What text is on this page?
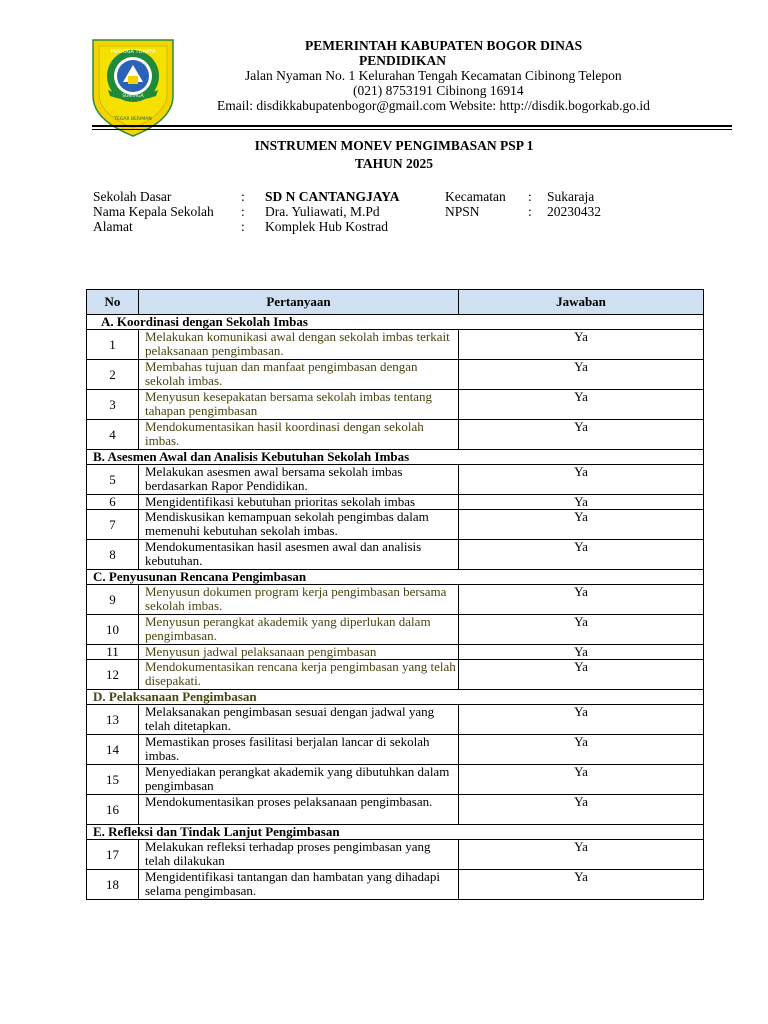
PRAYOGA TOHAYA
SUNYAGA
TEGAR BERIMAN
PEMERINTAH KABUPATEN BOGOR DINAS
PENDIDIKAN
Jalan Nyaman No. 1 Kelurahan Tengah Kecamatan Cibinong Telepon
(021) 8753191 Cibinong 16914
Email: disdikkabupatenbogor@gmail.com Website: http://disdik.bogorkab.go.id
INSTRUMEN MONEV PENGIMBASAN PSP 1
TAHUN 2025
Sekolah Dasar	: SD N CANTANGJAYA	Kecamatan : Sukaraja
Nama Kepala Sekolah : Dra. Yuliawati, M.Pd	NPSN	: 20230432
Alamat	: Komplek Hub Kostrad
No	Pertanyaan	Jawaban
A. Koordinasi dengan Sekolah Imbas		
1	Melakukan komunikasi awal dengan sekolah imbas terkait pelaksanaan pengimbasan.	Ya
2	Membahas tujuan dan manfaat pengimbasan dengan sekolah imbas.	Ya
3	Menyusun kesepakatan bersama sekolah imbas tentang tahapan pengimbasan	Ya
4	Mendokumentasikan hasil koordinasi dengan sekolah imbas.	Ya
B. Asesmen Awal dan Analisis Kebutuhan Sekolah Imbas		
5	Melakukan asesmen awal bersama sekolah imbas berdasarkan Rapor Pendidikan.	Ya
6	Mengidentifikasi kebutuhan prioritas sekolah imbas	Ya
7	Mendiskusikan kemampuan sekolah pengimbas dalam memenuhi kebutuhan sekolah imbas.	Ya
8	Mendokumentasikan hasil asesmen awal dan analisis kebutuhan.	Ya
C. Penyusunan Rencana Pengimbasan		
9	Menyusun dokumen program kerja pengimbasan bersama sekolah imbas.	Ya
10	Menyusun perangkat akademik yang diperlukan dalam pengimbasan.	Ya
11	Menyusun jadwal pelaksanaan pengimbasan	Ya
12	Mendokumentasikan rencana kerja pengimbasan yang telah disepakati.	Ya
D. Pelaksanaan Pengimbasan		
13	Melaksanakan pengimbasan sesuai dengan jadwal yang telah ditetapkan.	Ya
14	Memastikan proses fasilitasi berjalan lancar di sekolah imbas.	Ya
15	Menyediakan perangkat akademik yang dibutuhkan dalam pengimbasan	Ya
16	Mendokumentasikan proses pelaksanaan pengimbasan.	Ya
E. Refleksi dan Tindak Lanjut Pengimbasan		
17	Melakukan refleksi terhadap proses pengimbasan yang telah dilakukan	Ya
18	Mengidentifikasi tantangan dan hambatan yang dihadapi selama pengimbasan.	Ya
